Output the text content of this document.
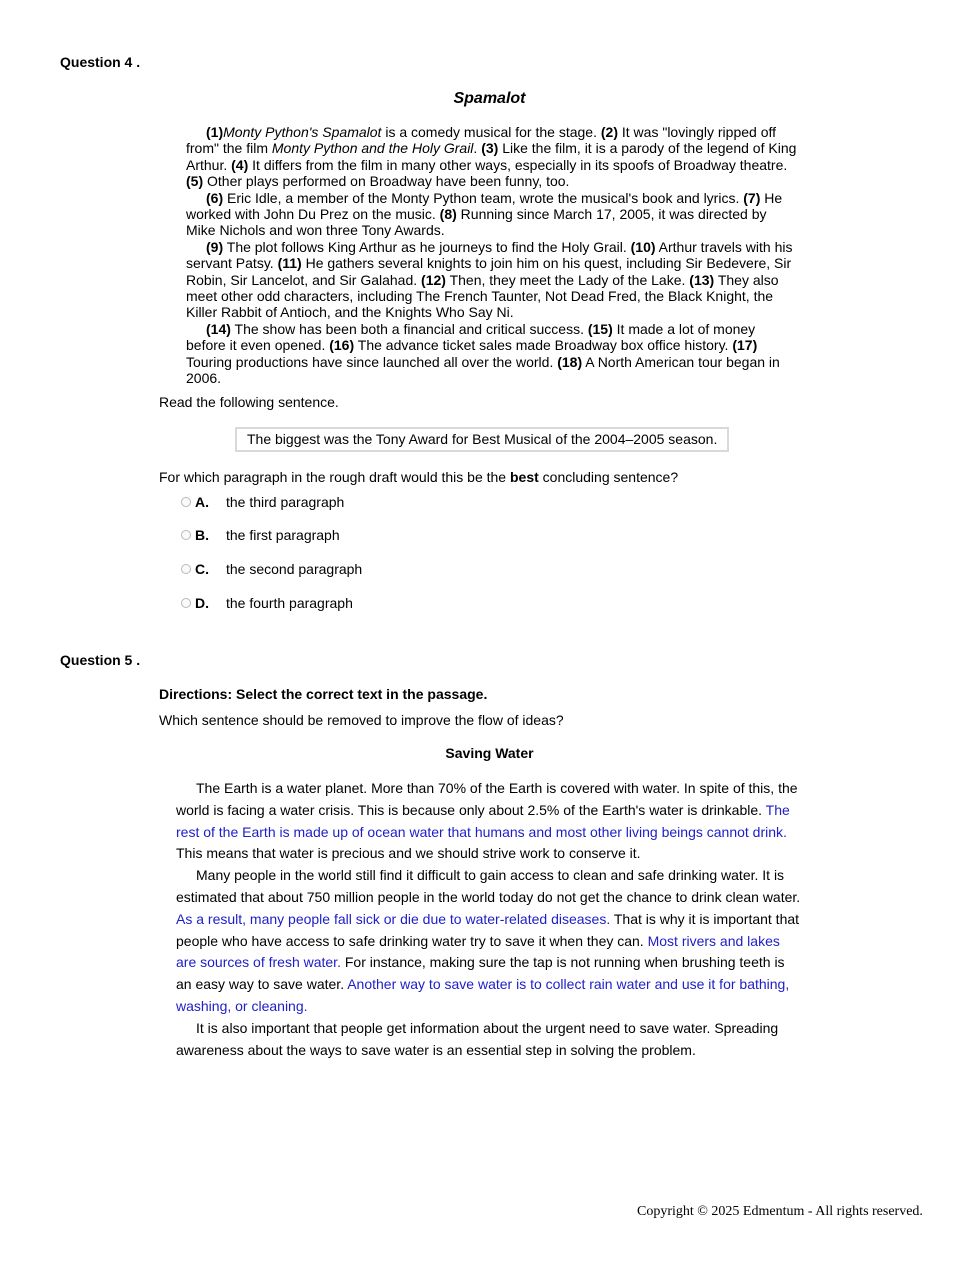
Question 4 .
Spamalot

(1)Monty Python's Spamalot is a comedy musical for the stage. (2) It was "lovingly ripped off from" the film Monty Python and the Holy Grail. (3) Like the film, it is a parody of the legend of King Arthur. (4) It differs from the film in many other ways, especially in its spoofs of Broadway theatre. (5) Other plays performed on Broadway have been funny, too.

(6) Eric Idle, a member of the Monty Python team, wrote the musical's book and lyrics. (7) He worked with John Du Prez on the music. (8) Running since March 17, 2005, it was directed by Mike Nichols and won three Tony Awards.

(9) The plot follows King Arthur as he journeys to find the Holy Grail. (10) Arthur travels with his servant Patsy. (11) He gathers several knights to join him on his quest, including Sir Bedevere, Sir Robin, Sir Lancelot, and Sir Galahad. (12) Then, they meet the Lady of the Lake. (13) They also meet other odd characters, including The French Taunter, Not Dead Fred, the Black Knight, the Killer Rabbit of Antioch, and the Knights Who Say Ni.

(14) The show has been both a financial and critical success. (15) It made a lot of money before it even opened. (16) The advance ticket sales made Broadway box office history. (17) Touring productions have since launched all over the world. (18) A North American tour began in 2006.

Read the following sentence.
The biggest was the Tony Award for Best Musical of the 2004–2005 season.
For which paragraph in the rough draft would this be the best concluding sentence?
A.	the third paragraph
B.	the first paragraph
C.	the second paragraph
D.	the fourth paragraph
Question 5 .
Directions: Select the correct text in the passage.
Which sentence should be removed to improve the flow of ideas?
Saving Water

The Earth is a water planet. More than 70% of the Earth is covered with water. In spite of this, the world is facing a water crisis. This is because only about 2.5% of the Earth's water is drinkable. The rest of the Earth is made up of ocean water that humans and most other living beings cannot drink. This means that water is precious and we should strive work to conserve it.

Many people in the world still find it difficult to gain access to clean and safe drinking water. It is estimated that about 750 million people in the world today do not get the chance to drink clean water. As a result, many people fall sick or die due to water-related diseases. That is why it is important that people who have access to safe drinking water try to save it when they can. Most rivers and lakes are sources of fresh water. For instance, making sure the tap is not running when brushing teeth is an easy way to save water. Another way to save water is to collect rain water and use it for bathing, washing, or cleaning.

It is also important that people get information about the urgent need to save water. Spreading awareness about the ways to save water is an essential step in solving the problem.

Copyright © 2025 Edmentum - All rights reserved.
